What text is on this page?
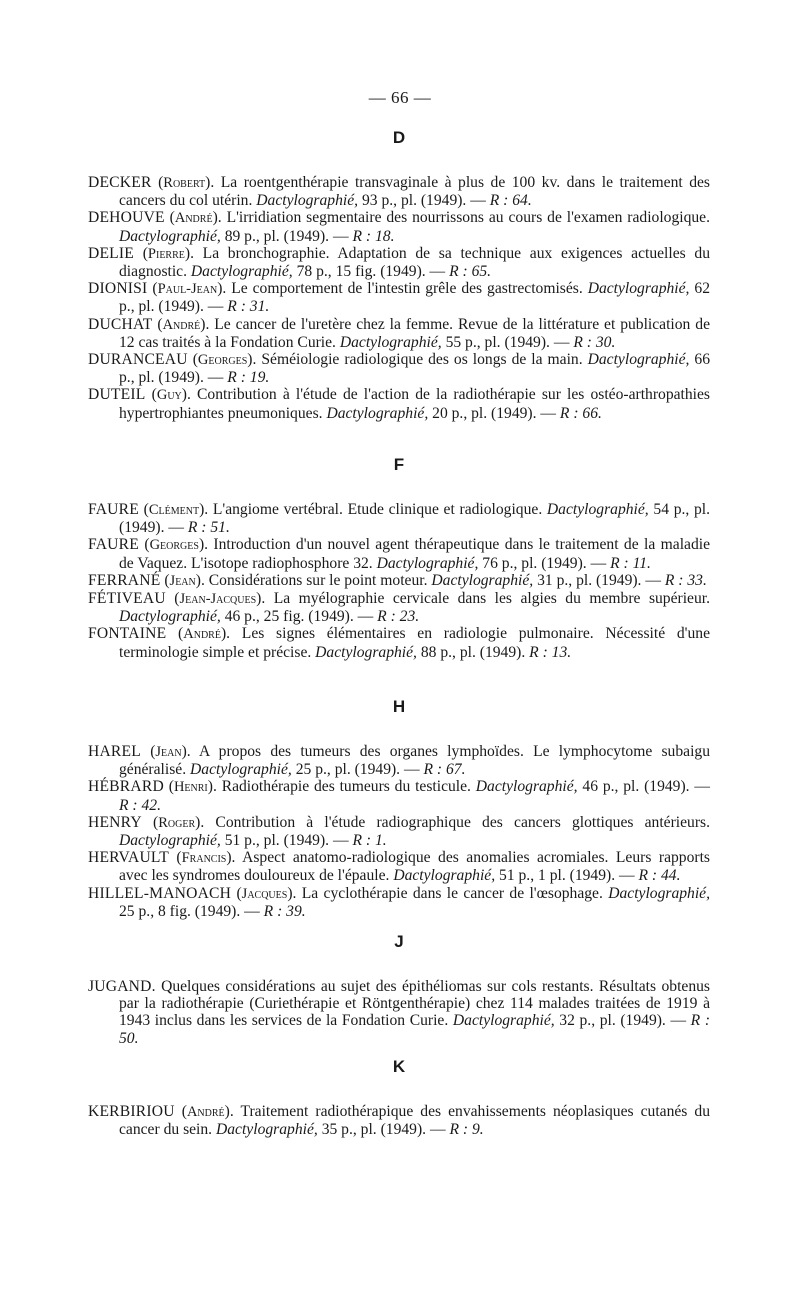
— 66 —
D

DECKER (Robert). La roentgenthérapie transvaginale à plus de 100 kv. dans le traitement des cancers du col utérin. Dactylographié, 93 p., pl. (1949). — R : 64.

DEHOUVE (André). L'irridiation segmentaire des nourrissons au cours de l'examen radiologique. Dactylographié, 89 p., pl. (1949). — R : 18.

DELIE (Pierre). La bronchographie. Adaptation de sa technique aux exigences actuelles du diagnostic. Dactylographié, 78 p., 15 fig. (1949). — R : 65.

DIONISI (Paul-Jean). Le comportement de l'intestin grêle des gastrectomisés. Dactylographié, 62 p., pl. (1949). — R : 31.

DUCHAT (André). Le cancer de l'uretère chez la femme. Revue de la littérature et publication de 12 cas traités à la Fondation Curie. Dactylographié, 55 p., pl. (1949). — R : 30.

DURANCEAU (Georges). Séméiologie radiologique des os longs de la main. Dactylographié, 66 p., pl. (1949). — R : 19.

DUTEIL (Guy). Contribution à l'étude de l'action de la radiothérapie sur les ostéo-arthropathies hypertrophiantes pneumoniques. Dactylographié, 20 p., pl. (1949). — R : 66.

F

FAURE (Clément). L'angiome vertébral. Etude clinique et radiologique. Dactylographié, 54 p., pl. (1949). — R : 51.

FAURE (Georges). Introduction d'un nouvel agent thérapeutique dans le traitement de la maladie de Vaquez. L'isotope radiophosphore 32. Dactylographié, 76 p., pl. (1949). — R : 11.

FERRANÉ (Jean). Considérations sur le point moteur. Dactylographié, 31 p., pl. (1949). — R : 33.

FÉTIVEAU (Jean-Jacques). La myélographie cervicale dans les algies du membre supérieur. Dactylographié, 46 p., 25 fig. (1949). — R : 23.

FONTAINE (André). Les signes élémentaires en radiologie pulmonaire. Nécessité d'une terminologie simple et précise. Dactylographié, 88 p., pl. (1949). R : 13.

H

HAREL (Jean). A propos des tumeurs des organes lymphoïdes. Le lymphocytome subaigu généralisé. Dactylographié, 25 p., pl. (1949). — R : 67.

HÉBRARD (Henri). Radiothérapie des tumeurs du testicule. Dactylographié, 46 p., pl. (1949). — R : 42.

HENRY (Roger). Contribution à l'étude radiographique des cancers glottiques antérieurs. Dactylographié, 51 p., pl. (1949). — R : 1.

HERVAULT (Francis). Aspect anatomo-radiologique des anomalies acromiales. Leurs rapports avec les syndromes douloureux de l'épaule. Dactylographié, 51 p., 1 pl. (1949). — R : 44.

HILLEL-MANOACH (Jacques). La cyclothérapie dans le cancer de l'œsophage. Dactylographié, 25 p., 8 fig. (1949). — R : 39.

J

JUGAND. Quelques considérations au sujet des épithéliomas sur cols restants. Résultats obtenus par la radiothérapie (Curiethérapie et Röntgenthérapie) chez 114 malades traitées de 1919 à 1943 inclus dans les services de la Fondation Curie. Dactylographié, 32 p., pl. (1949). — R : 50.

K

KERBIRIOU (André). Traitement radiothérapique des envahissements néoplasiques cutanés du cancer du sein. Dactylographié, 35 p., pl. (1949). — R : 9.
